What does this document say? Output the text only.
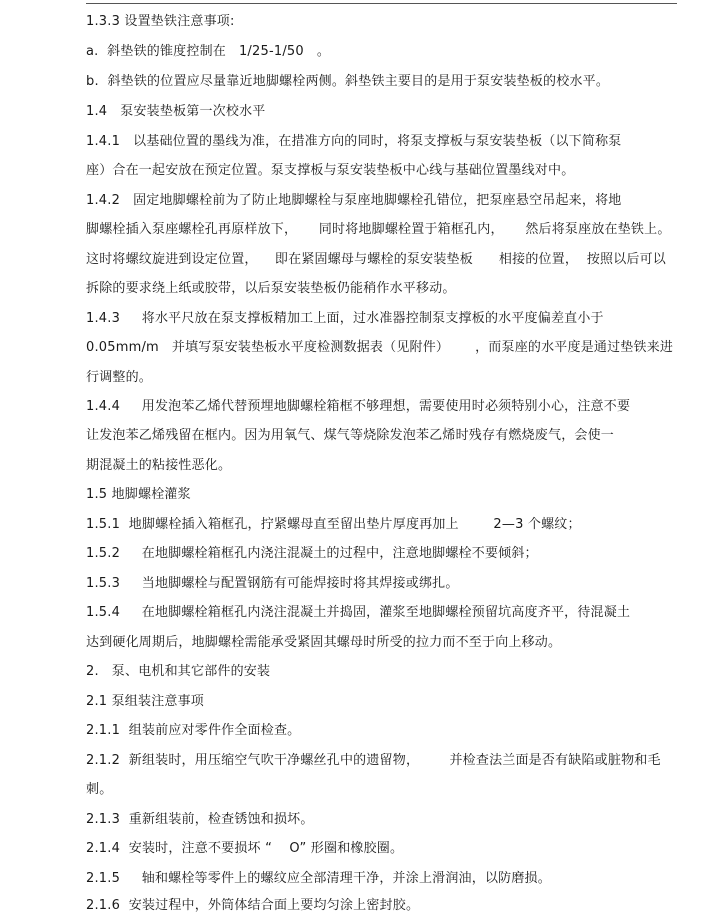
1.3.3 设置垫铁注意事项:
a.  斜垫铁的锥度控制在   1/25-1/50   。
b.  斜垫铁的位置应尽量靠近地脚螺栓两侧。斜垫铁主要目的是用于泵安装垫板的校水平。
1.4   泵安装垫板第一次校水平
1.4.1   以基础位置的墨线为准，在措准方向的同时，将泵支撑板与泵安装垫板（以下简称泵
座）合在一起安放在预定位置。泵支撑板与泵安装垫板中心线与基础位置墨线对中。
1.4.2   固定地脚螺栓前为了防止地脚螺栓与泵座地脚螺栓孔错位，把泵座悬空吊起来，将地
脚螺栓插入泵座螺栓孔再原样放下，     同时将地脚螺栓置于箱框孔内，     然后将泵座放在垫铁上。
这时将螺纹旋进到设定位置，    即在紧固螺母与螺栓的泵安装垫板      相接的位置，  按照以后可以
拆除的要求绕上纸或胶带，以后泵安装垫板仍能稍作水平移动。
1.4.3     将水平尺放在泵支撑板精加工上面，过水准器控制泵支撑板的水平度偏差直小于
0.05mm/m   并填写泵安装垫板水平度检测数据表（见附件）      ，而泵座的水平度是通过垫铁来进
行调整的。
1.4.4     用发泡苯乙烯代替预埋地脚螺栓箱框不够理想，需要使用时必须特别小心，注意不要
让发泡苯乙烯残留在框内。因为用氧气、煤气等烧除发泡苯乙烯时残存有燃烧废气，会使一
期混凝土的粘接性恶化。
1.5 地脚螺栓灌浆
1.5.1  地脚螺栓插入箱框孔，拧紧螺母直至留出垫片厚度再加上        2—3 个螺纹；
1.5.2     在地脚螺栓箱框孔内浇注混凝土的过程中，注意地脚螺栓不要倾斜；
1.5.3     当地脚螺栓与配置钢筋有可能焊接时将其焊接或绑扎。
1.5.4     在地脚螺栓箱框孔内浇注混凝土并捣固，灌浆至地脚螺栓预留坑高度齐平，待混凝土
达到硬化周期后，地脚螺栓需能承受紧固其螺母时所受的拉力而不至于向上移动。
2.   泵、电机和其它部件的安装
2.1 泵组装注意事项
2.1.1  组装前应对零件作全面检查。
2.1.2  新组装时，用压缩空气吹干净螺丝孔中的遗留物，       并检查法兰面是否有缺陷或脏物和毛
刺。
2.1.3  重新组装前，检查锈蚀和损坏。
2.1.4  安装时，注意不要损坏 “    O” 形圈和橡胶圈。
2.1.5     轴和螺栓等零件上的螺纹应全部清理干净，并涂上滑润油，以防磨损。
2.1.6  安装过程中，外筒体结合面上要均匀涂上密封胶。
